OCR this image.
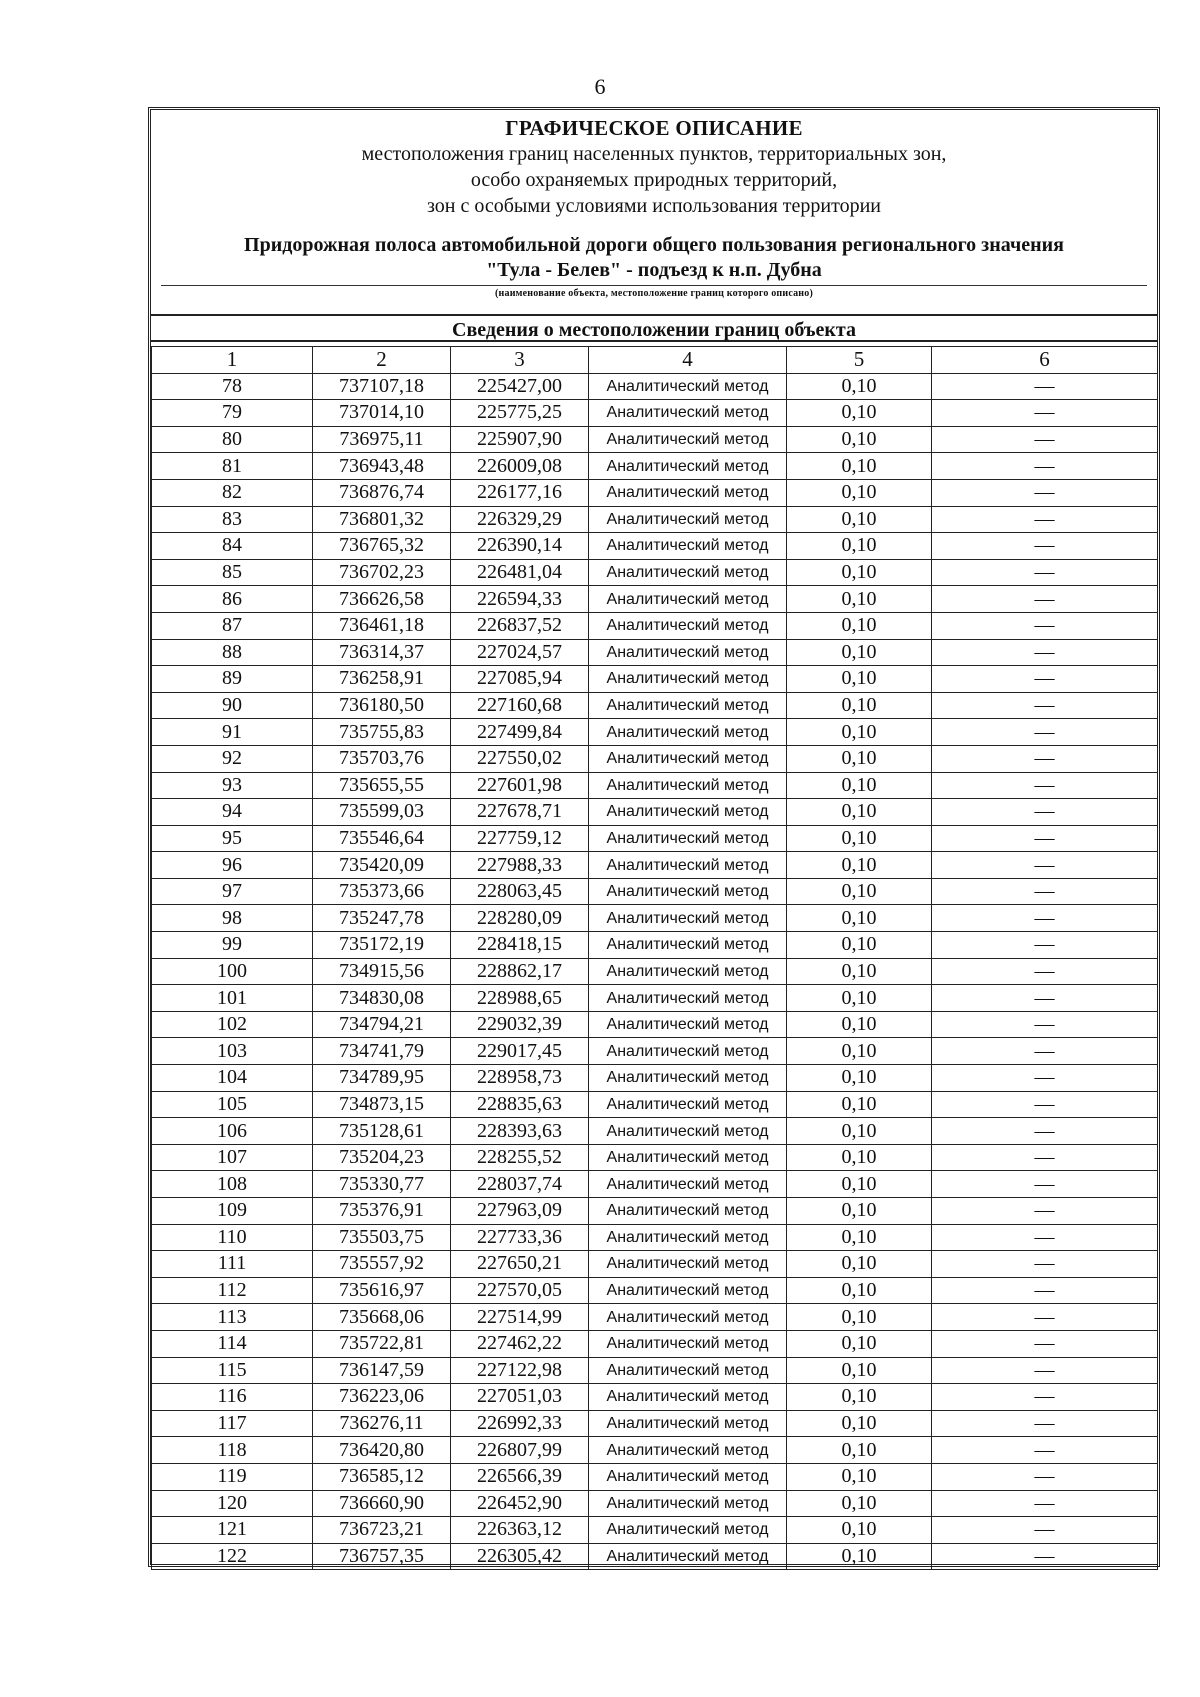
6
ГРАФИЧЕСКОЕ ОПИСАНИЕ
местоположения границ населенных пунктов, территориальных зон,
особо охраняемых природных территорий,
зон с особыми условиями использования территории
Придорожная полоса автомобильной дороги общего пользования регионального значения
"Тула - Белев" - подъезд к н.п. Дубна
(наименование объекта, местоположение границ которого описано)
Сведения о местоположении границ объекта
1	2	3	4	5	6
78	737107,18	225427,00	Аналитический метод	0,10	—
79	737014,10	225775,25	Аналитический метод	0,10	—
80	736975,11	225907,90	Аналитический метод	0,10	—
81	736943,48	226009,08	Аналитический метод	0,10	—
82	736876,74	226177,16	Аналитический метод	0,10	—
83	736801,32	226329,29	Аналитический метод	0,10	—
84	736765,32	226390,14	Аналитический метод	0,10	—
85	736702,23	226481,04	Аналитический метод	0,10	—
86	736626,58	226594,33	Аналитический метод	0,10	—
87	736461,18	226837,52	Аналитический метод	0,10	—
88	736314,37	227024,57	Аналитический метод	0,10	—
89	736258,91	227085,94	Аналитический метод	0,10	—
90	736180,50	227160,68	Аналитический метод	0,10	—
91	735755,83	227499,84	Аналитический метод	0,10	—
92	735703,76	227550,02	Аналитический метод	0,10	—
93	735655,55	227601,98	Аналитический метод	0,10	—
94	735599,03	227678,71	Аналитический метод	0,10	—
95	735546,64	227759,12	Аналитический метод	0,10	—
96	735420,09	227988,33	Аналитический метод	0,10	—
97	735373,66	228063,45	Аналитический метод	0,10	—
98	735247,78	228280,09	Аналитический метод	0,10	—
99	735172,19	228418,15	Аналитический метод	0,10	—
100	734915,56	228862,17	Аналитический метод	0,10	—
101	734830,08	228988,65	Аналитический метод	0,10	—
102	734794,21	229032,39	Аналитический метод	0,10	—
103	734741,79	229017,45	Аналитический метод	0,10	—
104	734789,95	228958,73	Аналитический метод	0,10	—
105	734873,15	228835,63	Аналитический метод	0,10	—
106	735128,61	228393,63	Аналитический метод	0,10	—
107	735204,23	228255,52	Аналитический метод	0,10	—
108	735330,77	228037,74	Аналитический метод	0,10	—
109	735376,91	227963,09	Аналитический метод	0,10	—
110	735503,75	227733,36	Аналитический метод	0,10	—
111	735557,92	227650,21	Аналитический метод	0,10	—
112	735616,97	227570,05	Аналитический метод	0,10	—
113	735668,06	227514,99	Аналитический метод	0,10	—
114	735722,81	227462,22	Аналитический метод	0,10	—
115	736147,59	227122,98	Аналитический метод	0,10	—
116	736223,06	227051,03	Аналитический метод	0,10	—
117	736276,11	226992,33	Аналитический метод	0,10	—
118	736420,80	226807,99	Аналитический метод	0,10	—
119	736585,12	226566,39	Аналитический метод	0,10	—
120	736660,90	226452,90	Аналитический метод	0,10	—
121	736723,21	226363,12	Аналитический метод	0,10	—
122	736757,35	226305,42	Аналитический метод	0,10	—
